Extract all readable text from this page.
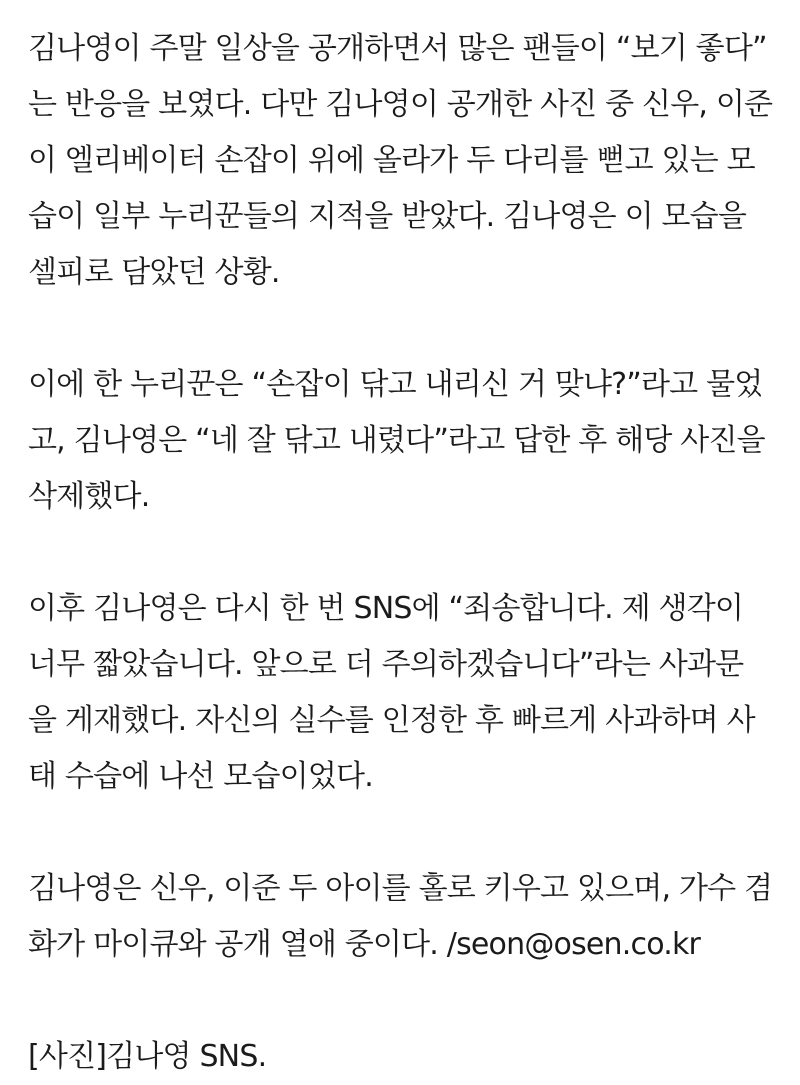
김나영이 주말 일상을 공개하면서 많은 팬들이 “보기 좋다”
는 반응을 보였다. 다만 김나영이 공개한 사진 중 신우, 이준
이 엘리베이터 손잡이 위에 올라가 두 다리를 뻗고 있는 모
습이 일부 누리꾼들의 지적을 받았다. 김나영은 이 모습을
셀피로 담았던 상황.
이에 한 누리꾼은 “손잡이 닦고 내리신 거 맞냐?”라고 물었
고, 김나영은 “네 잘 닦고 내렸다”라고 답한 후 해당 사진을
삭제했다.
이후 김나영은 다시 한 번 SNS에 “죄송합니다. 제 생각이
너무 짧았습니다. 앞으로 더 주의하겠습니다”라는 사과문
을 게재했다. 자신의 실수를 인정한 후 빠르게 사과하며 사
태 수습에 나선 모습이었다.
김나영은 신우, 이준 두 아이를 홀로 키우고 있으며, 가수 겸
화가 마이큐와 공개 열애 중이다. /seon@osen.co.kr
[사진]김나영 SNS.
